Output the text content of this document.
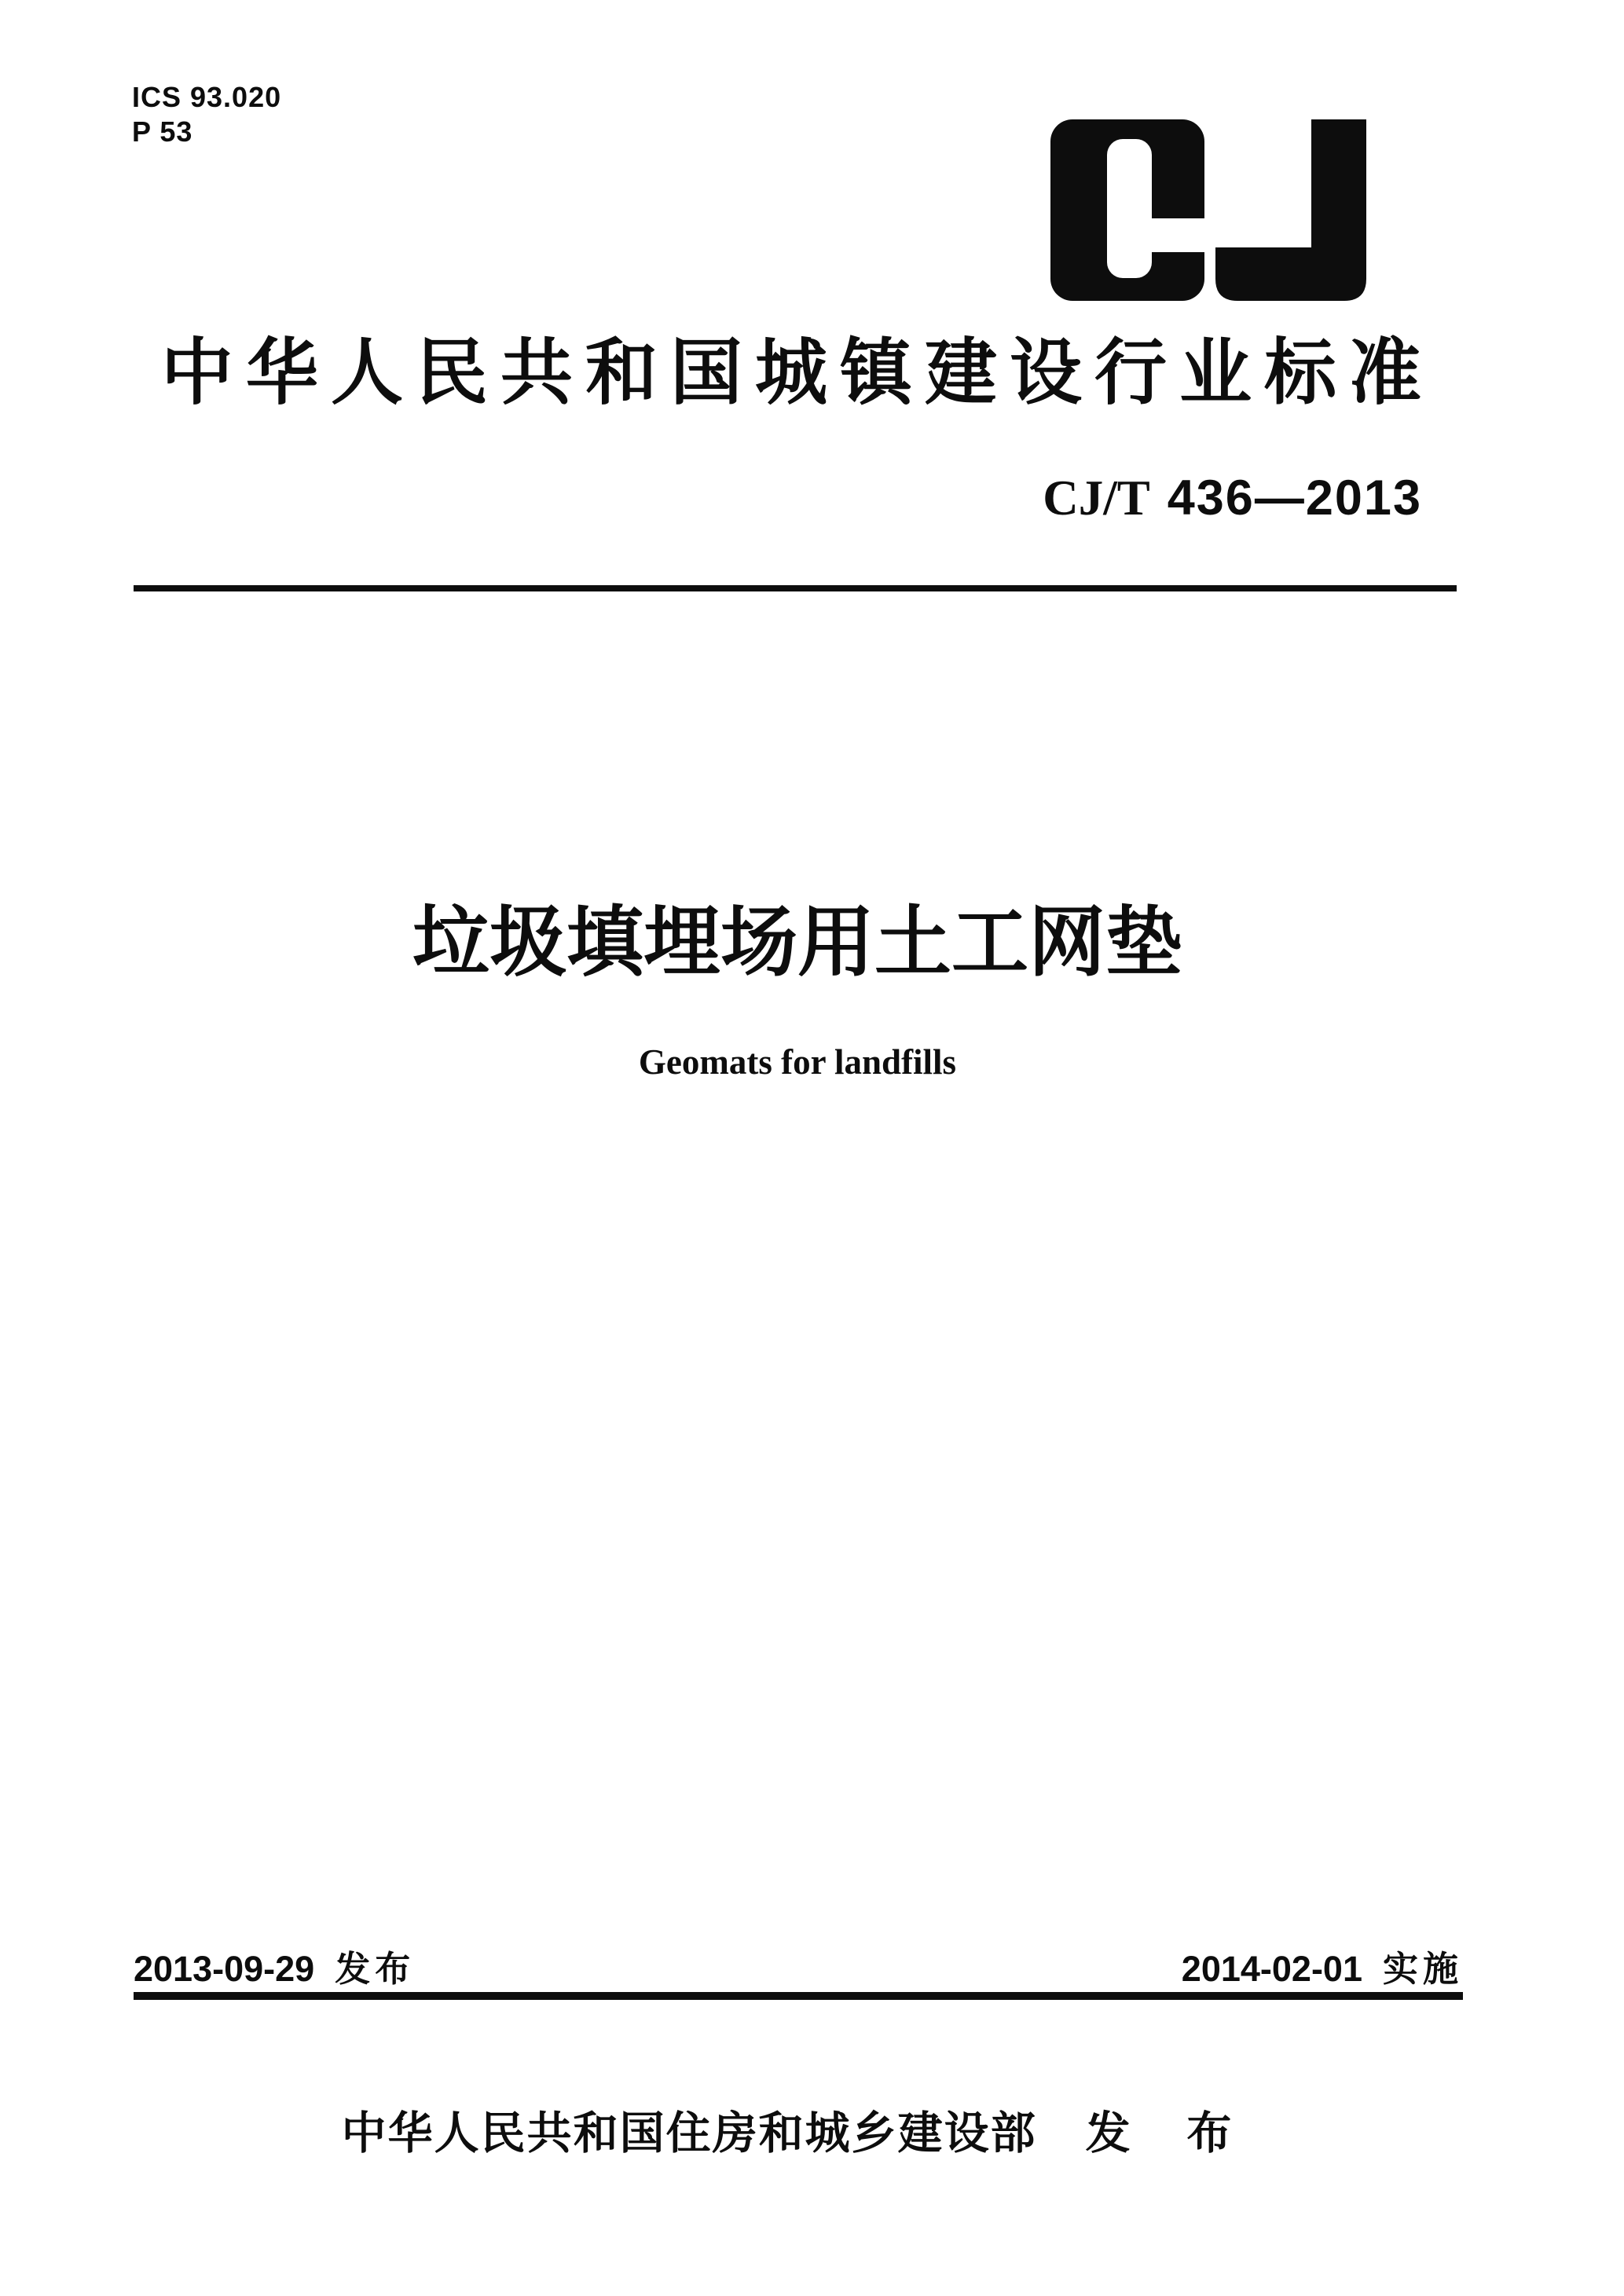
ICS 93.020
P 53
中华人民共和国城镇建设行业标准
CJ/T 436—2013
垃圾填埋场用土工网垫
Geomats for landfills
2013-09-29 发布	2014-02-01 实施
中华人民共和国住房和城乡建设部 发 布
